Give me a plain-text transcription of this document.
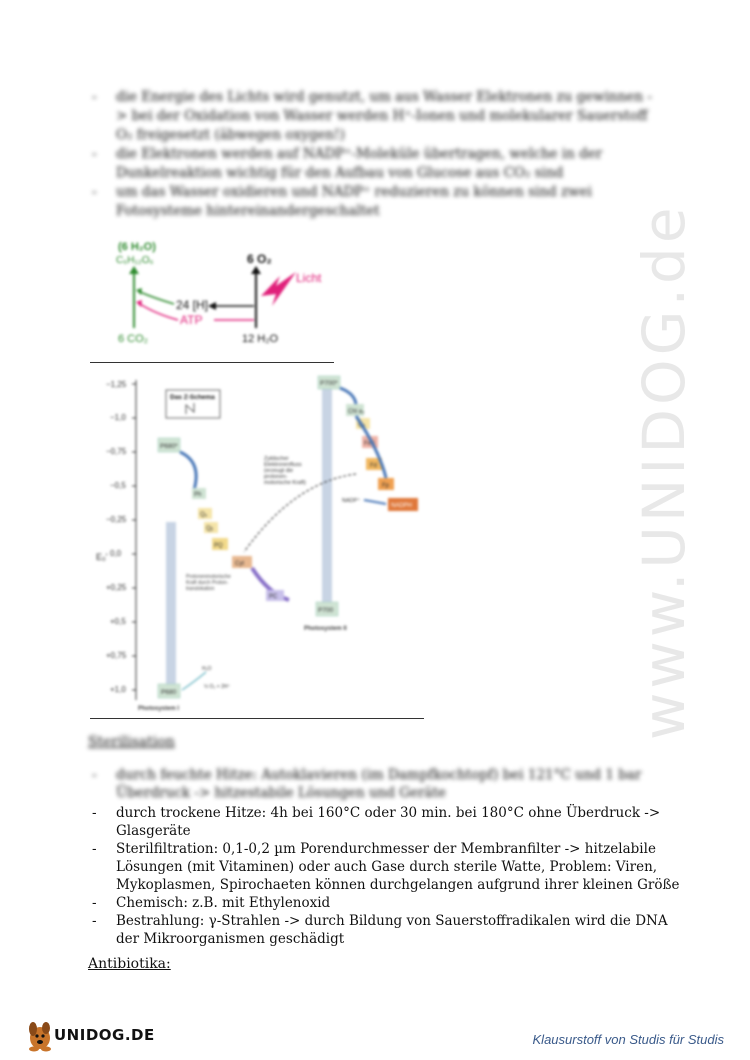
www.UNIDOG.de
-	die Energie des Lichts wird genutzt, um aus Wasser Elektronen zu gewinnen -> bei der Oxidation von Wasser werden H⁺-Ionen und molekularer Sauerstoff O₂ freigesetzt (äbwegen oxygen!)
-	die Elektronen werden auf NADP⁺-Moleküle übertragen, welche in der Dunkelreaktion wichtig für den Aufbau von Glucose aus CO₂ sind
-	um das Wasser oxidieren und NADP⁺ reduzieren zu können sind zwei Fotosysteme hintereinandergeschaltet
(6 H₂O)
C₆H₁₂O₆	6 O₂
Licht
24 [H]
ATP
6 CO₂	12 H₂O
−1,25
−1,0
−0,75
−0,5
−0,25
0,0
+0,25
+0,5
+0,75
+1,0
E₀'
Das Z-Schema
P680*
P680
Ph
Qₐ
Qᵦ
PQ
Cyt
PC
Protonenmotorische
Kraft durch Proton-
translokation
P700
P700*
Photosystem II
Photosystem I
Chl a₀
Qₐ
FeS
Fd
Fp
NADPH
NADP⁺
Zyklischer
Elektronenfluss
(erzeugt die
protonen-
motorische Kraft)
H₂O
½ O₂ + 2H⁺
Sterilisation
-	durch feuchte Hitze: Autoklavieren (im Dampfkochtopf) bei 121°C und 1 bar Überdruck -> hitzestabile Lösungen und Geräte
-	durch trockene Hitze: 4h bei 160°C oder 30 min. bei 180°C ohne Überdruck -> Glasgeräte
-	Sterilfiltration: 0,1-0,2 µm Porendurchmesser der Membranfilter -> hitzelabile Lösungen (mit Vitaminen) oder auch Gase durch sterile Watte, Problem: Viren, Mykoplasmen, Spirochaeten können durchgelangen aufgrund ihrer kleinen Größe
-	Chemisch: z.B. mit Ethylenoxid
-	Bestrahlung: γ-Strahlen -> durch Bildung von Sauerstoffradikalen wird die DNA der Mikroorganismen geschädigt
Antibiotika:
UNIDOG.DE	Klausurstoff von Studis für Studis
